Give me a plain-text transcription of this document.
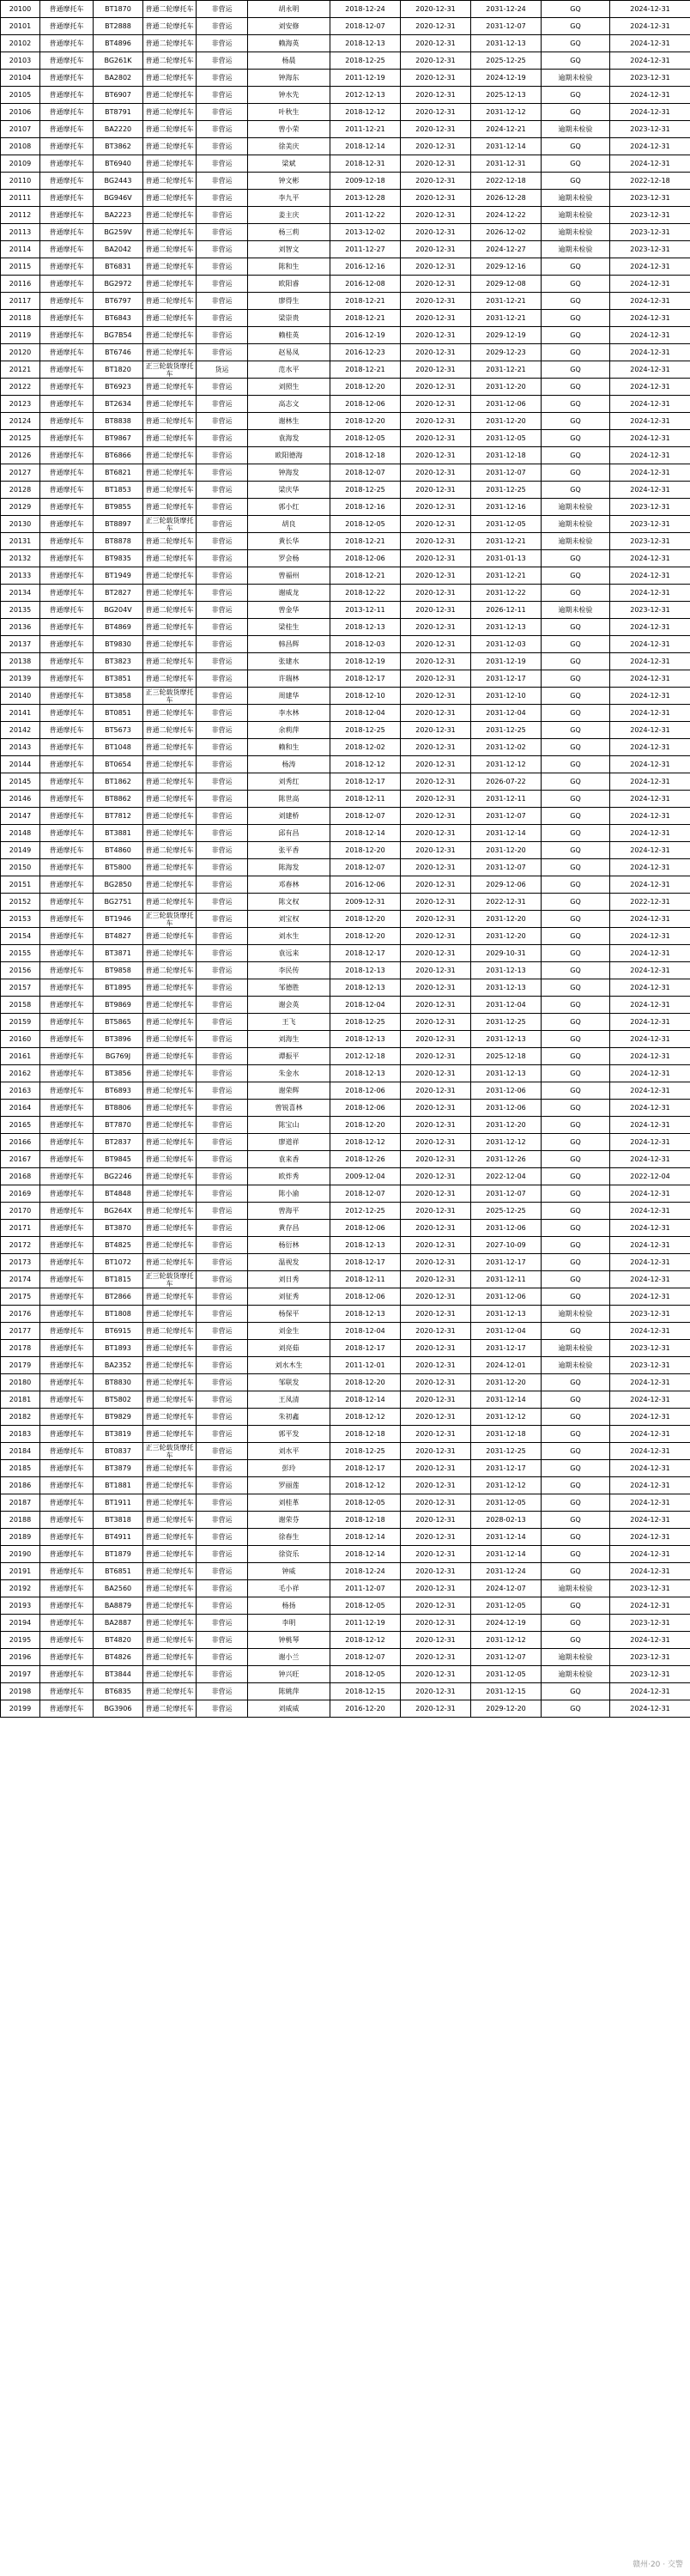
20100	普通摩托车	BT1870	普通二轮摩托车	非营运	胡永明	2018-12-24	2020-12-31	2031-12-24	GQ	2024-12-31
20101	普通摩托车	BT2888	普通二轮摩托车	非营运	刘安修	2018-12-07	2020-12-31	2031-12-07	GQ	2024-12-31
20102	普通摩托车	BT4896	普通二轮摩托车	非营运	赖海英	2018-12-13	2020-12-31	2031-12-13	GQ	2024-12-31
20103	普通摩托车	BG261K	普通二轮摩托车	非营运	杨晨	2018-12-25	2020-12-31	2025-12-25	GQ	2024-12-31
20104	普通摩托车	BA2802	普通二轮摩托车	非营运	钟海东	2011-12-19	2020-12-31	2024-12-19	逾期未检验	2023-12-31
20105	普通摩托车	BT6907	普通二轮摩托车	非营运	钟水先	2012-12-13	2020-12-31	2025-12-13	GQ	2024-12-31
20106	普通摩托车	BT8791	普通二轮摩托车	非营运	叶秋生	2018-12-12	2020-12-31	2031-12-12	GQ	2024-12-31
20107	普通摩托车	BA2220	普通二轮摩托车	非营运	曾小荣	2011-12-21	2020-12-31	2024-12-21	逾期未检验	2023-12-31
20108	普通摩托车	BT3862	普通二轮摩托车	非营运	徐美庆	2018-12-14	2020-12-31	2031-12-14	GQ	2024-12-31
20109	普通摩托车	BT6940	普通二轮摩托车	非营运	梁斌	2018-12-31	2020-12-31	2031-12-31	GQ	2024-12-31
20110	普通摩托车	BG2443	普通二轮摩托车	非营运	钟文彬	2009-12-18	2020-12-31	2022-12-18	GQ	2022-12-18
20111	普通摩托车	BG946V	普通二轮摩托车	非营运	李九平	2013-12-28	2020-12-31	2026-12-28	逾期未检验	2023-12-31
20112	普通摩托车	BA2223	普通二轮摩托车	非营运	姜主庆	2011-12-22	2020-12-31	2024-12-22	逾期未检验	2023-12-31
20113	普通摩托车	BG259V	普通二轮摩托车	非营运	杨三莉	2013-12-02	2020-12-31	2026-12-02	逾期未检验	2023-12-31
20114	普通摩托车	BA2042	普通二轮摩托车	非营运	刘智文	2011-12-27	2020-12-31	2024-12-27	逾期未检验	2023-12-31
20115	普通摩托车	BT6831	普通二轮摩托车	非营运	陈和生	2016-12-16	2020-12-31	2029-12-16	GQ	2024-12-31
20116	普通摩托车	BG2972	普通二轮摩托车	非营运	欧阳睿	2016-12-08	2020-12-31	2029-12-08	GQ	2024-12-31
20117	普通摩托车	BT6797	普通二轮摩托车	非营运	廖得生	2018-12-21	2020-12-31	2031-12-21	GQ	2024-12-31
20118	普通摩托车	BT6843	普通二轮摩托车	非营运	梁崇贵	2018-12-21	2020-12-31	2031-12-21	GQ	2024-12-31
20119	普通摩托车	BG7B54	普通二轮摩托车	非营运	赖桂英	2016-12-19	2020-12-31	2029-12-19	GQ	2024-12-31
20120	普通摩托车	BT6746	普通二轮摩托车	非营运	赵易凤	2016-12-23	2020-12-31	2029-12-23	GQ	2024-12-31
20121	普通摩托车	BT1820	正三轮载货摩托车	货运	范水平	2018-12-21	2020-12-31	2031-12-21	GQ	2024-12-31
20122	普通摩托车	BT6923	普通二轮摩托车	非营运	刘照生	2018-12-20	2020-12-31	2031-12-20	GQ	2024-12-31
20123	普通摩托车	BT2634	普通二轮摩托车	非营运	高志文	2018-12-06	2020-12-31	2031-12-06	GQ	2024-12-31
20124	普通摩托车	BT8838	普通二轮摩托车	非营运	谢林生	2018-12-20	2020-12-31	2031-12-20	GQ	2024-12-31
20125	普通摩托车	BT9867	普通二轮摩托车	非营运	袁海发	2018-12-05	2020-12-31	2031-12-05	GQ	2024-12-31
20126	普通摩托车	BT6866	普通二轮摩托车	非营运	欧阳德海	2018-12-18	2020-12-31	2031-12-18	GQ	2024-12-31
20127	普通摩托车	BT6821	普通二轮摩托车	非营运	钟海发	2018-12-07	2020-12-31	2031-12-07	GQ	2024-12-31
20128	普通摩托车	BT1853	普通二轮摩托车	非营运	梁庆华	2018-12-25	2020-12-31	2031-12-25	GQ	2024-12-31
20129	普通摩托车	BT9855	普通二轮摩托车	非营运	郭小红	2018-12-16	2020-12-31	2031-12-16	逾期未检验	2023-12-31
20130	普通摩托车	BT8897	正三轮载货摩托车	非营运	胡良	2018-12-05	2020-12-31	2031-12-05	逾期未检验	2023-12-31
20131	普通摩托车	BT8878	普通二轮摩托车	非营运	黄长华	2018-12-21	2020-12-31	2031-12-21	逾期未检验	2023-12-31
20132	普通摩托车	BT9835	普通二轮摩托车	非营运	罗会杨	2018-12-06	2020-12-31	2031-01-13	GQ	2024-12-31
20133	普通摩托车	BT1949	普通二轮摩托车	非营运	曾福州	2018-12-21	2020-12-31	2031-12-21	GQ	2024-12-31
20134	普通摩托车	BT2827	普通二轮摩托车	非营运	谢威龙	2018-12-22	2020-12-31	2031-12-22	GQ	2024-12-31
20135	普通摩托车	BG204V	普通二轮摩托车	非营运	曾金华	2013-12-11	2020-12-31	2026-12-11	逾期未检验	2023-12-31
20136	普通摩托车	BT4869	普通二轮摩托车	非营运	梁桂生	2018-12-13	2020-12-31	2031-12-13	GQ	2024-12-31
20137	普通摩托车	BT9830	普通二轮摩托车	非营运	韩昌辉	2018-12-03	2020-12-31	2031-12-03	GQ	2024-12-31
20138	普通摩托车	BT3823	普通二轮摩托车	非营运	张建水	2018-12-19	2020-12-31	2031-12-19	GQ	2024-12-31
20139	普通摩托车	BT3851	普通二轮摩托车	非营运	许瑞林	2018-12-17	2020-12-31	2031-12-17	GQ	2024-12-31
20140	普通摩托车	BT3858	正三轮载货摩托车	非营运	周建华	2018-12-10	2020-12-31	2031-12-10	GQ	2024-12-31
20141	普通摩托车	BT0851	普通二轮摩托车	非营运	李水林	2018-12-04	2020-12-31	2031-12-04	GQ	2024-12-31
20142	普通摩托车	BT5673	普通二轮摩托车	非营运	余莉萍	2018-12-25	2020-12-31	2031-12-25	GQ	2024-12-31
20143	普通摩托车	BT1048	普通二轮摩托车	非营运	赖和生	2018-12-02	2020-12-31	2031-12-02	GQ	2024-12-31
20144	普通摩托车	BT0654	普通二轮摩托车	非营运	杨涛	2018-12-12	2020-12-31	2031-12-12	GQ	2024-12-31
20145	普通摩托车	BT1862	普通二轮摩托车	非营运	刘秀红	2018-12-17	2020-12-31	2026-07-22	GQ	2024-12-31
20146	普通摩托车	BT8862	普通二轮摩托车	非营运	陈世高	2018-12-11	2020-12-31	2031-12-11	GQ	2024-12-31
20147	普通摩托车	BT7812	普通二轮摩托车	非营运	刘建桥	2018-12-07	2020-12-31	2031-12-07	GQ	2024-12-31
20148	普通摩托车	BT3881	普通二轮摩托车	非营运	邱有昌	2018-12-14	2020-12-31	2031-12-14	GQ	2024-12-31
20149	普通摩托车	BT4860	普通二轮摩托车	非营运	张平香	2018-12-20	2020-12-31	2031-12-20	GQ	2024-12-31
20150	普通摩托车	BT5800	普通二轮摩托车	非营运	陈海发	2018-12-07	2020-12-31	2031-12-07	GQ	2024-12-31
20151	普通摩托车	BG2850	普通二轮摩托车	非营运	邓春林	2016-12-06	2020-12-31	2029-12-06	GQ	2024-12-31
20152	普通摩托车	BG2751	普通二轮摩托车	非营运	陈文权	2009-12-31	2020-12-31	2022-12-31	GQ	2022-12-31
20153	普通摩托车	BT1946	正三轮载货摩托车	非营运	刘宝权	2018-12-20	2020-12-31	2031-12-20	GQ	2024-12-31
20154	普通摩托车	BT4827	普通二轮摩托车	非营运	刘水生	2018-12-20	2020-12-31	2031-12-20	GQ	2024-12-31
20155	普通摩托车	BT3871	普通二轮摩托车	非营运	袁远来	2018-12-17	2020-12-31	2029-10-31	GQ	2024-12-31
20156	普通摩托车	BT9858	普通二轮摩托车	非营运	李民传	2018-12-13	2020-12-31	2031-12-13	GQ	2024-12-31
20157	普通摩托车	BT1895	普通二轮摩托车	非营运	邹德胜	2018-12-13	2020-12-31	2031-12-13	GQ	2024-12-31
20158	普通摩托车	BT9869	普通二轮摩托车	非营运	谢会英	2018-12-04	2020-12-31	2031-12-04	GQ	2024-12-31
20159	普通摩托车	BT5865	普通二轮摩托车	非营运	王飞	2018-12-25	2020-12-31	2031-12-25	GQ	2024-12-31
20160	普通摩托车	BT3896	普通二轮摩托车	非营运	刘海生	2018-12-13	2020-12-31	2031-12-13	GQ	2024-12-31
20161	普通摩托车	BG769J	普通二轮摩托车	非营运	谭振平	2012-12-18	2020-12-31	2025-12-18	GQ	2024-12-31
20162	普通摩托车	BT3856	普通二轮摩托车	非营运	朱金水	2018-12-13	2020-12-31	2031-12-13	GQ	2024-12-31
20163	普通摩托车	BT6893	普通二轮摩托车	非营运	谢荣辉	2018-12-06	2020-12-31	2031-12-06	GQ	2024-12-31
20164	普通摩托车	BT8806	普通二轮摩托车	非营运	曾锐喜林	2018-12-06	2020-12-31	2031-12-06	GQ	2024-12-31
20165	普通摩托车	BT7870	普通二轮摩托车	非营运	陈宝山	2018-12-20	2020-12-31	2031-12-20	GQ	2024-12-31
20166	普通摩托车	BT2837	普通二轮摩托车	非营运	廖道祥	2018-12-12	2020-12-31	2031-12-12	GQ	2024-12-31
20167	普通摩托车	BT9845	普通二轮摩托车	非营运	袁来香	2018-12-26	2020-12-31	2031-12-26	GQ	2024-12-31
20168	普通摩托车	BG2246	普通二轮摩托车	非营运	欧炸秀	2009-12-04	2020-12-31	2022-12-04	GQ	2022-12-04
20169	普通摩托车	BT4848	普通二轮摩托车	非营运	陈小渝	2018-12-07	2020-12-31	2031-12-07	GQ	2024-12-31
20170	普通摩托车	BG264X	普通二轮摩托车	非营运	曾海平	2012-12-25	2020-12-31	2025-12-25	GQ	2024-12-31
20171	普通摩托车	BT3870	普通二轮摩托车	非营运	黄存昌	2018-12-06	2020-12-31	2031-12-06	GQ	2024-12-31
20172	普通摩托车	BT4825	普通二轮摩托车	非营运	杨衍林	2018-12-13	2020-12-31	2027-10-09	GQ	2024-12-31
20173	普通摩托车	BT1072	普通二轮摩托车	非营运	温视发	2018-12-17	2020-12-31	2031-12-17	GQ	2024-12-31
20174	普通摩托车	BT1815	正三轮载货摩托车	非营运	刘日秀	2018-12-11	2020-12-31	2031-12-11	GQ	2024-12-31
20175	普通摩托车	BT2866	普通二轮摩托车	非营运	刘征秀	2018-12-06	2020-12-31	2031-12-06	GQ	2024-12-31
20176	普通摩托车	BT1808	普通二轮摩托车	非营运	杨保平	2018-12-13	2020-12-31	2031-12-13	逾期未检验	2023-12-31
20177	普通摩托车	BT6915	普通二轮摩托车	非营运	刘金生	2018-12-04	2020-12-31	2031-12-04	GQ	2024-12-31
20178	普通摩托车	BT1893	普通二轮摩托车	非营运	刘亮茹	2018-12-17	2020-12-31	2031-12-17	逾期未检验	2023-12-31
20179	普通摩托车	BA2352	普通二轮摩托车	非营运	刘水木生	2011-12-01	2020-12-31	2024-12-01	逾期未检验	2023-12-31
20180	普通摩托车	BT8830	普通二轮摩托车	非营运	邹联发	2018-12-20	2020-12-31	2031-12-20	GQ	2024-12-31
20181	普通摩托车	BT5802	普通二轮摩托车	非营运	王凤清	2018-12-14	2020-12-31	2031-12-14	GQ	2024-12-31
20182	普通摩托车	BT9829	普通二轮摩托车	非营运	朱初鑫	2018-12-12	2020-12-31	2031-12-12	GQ	2024-12-31
20183	普通摩托车	BT3819	普通二轮摩托车	非营运	郭平发	2018-12-18	2020-12-31	2031-12-18	GQ	2024-12-31
20184	普通摩托车	BT0837	正三轮载货摩托车	非营运	刘水平	2018-12-25	2020-12-31	2031-12-25	GQ	2024-12-31
20185	普通摩托车	BT3879	普通二轮摩托车	非营运	彭玲	2018-12-17	2020-12-31	2031-12-17	GQ	2024-12-31
20186	普通摩托车	BT1881	普通二轮摩托车	非营运	罗丽莲	2018-12-12	2020-12-31	2031-12-12	GQ	2024-12-31
20187	普通摩托车	BT1911	普通二轮摩托车	非营运	刘桂革	2018-12-05	2020-12-31	2031-12-05	GQ	2024-12-31
20188	普通摩托车	BT3818	普通二轮摩托车	非营运	谢荣芬	2018-12-18	2020-12-31	2028-02-13	GQ	2024-12-31
20189	普通摩托车	BT4911	普通二轮摩托车	非营运	徐春生	2018-12-14	2020-12-31	2031-12-14	GQ	2024-12-31
20190	普通摩托车	BT1879	普通二轮摩托车	非营运	徐资乐	2018-12-14	2020-12-31	2031-12-14	GQ	2024-12-31
20191	普通摩托车	BT6851	普通二轮摩托车	非营运	钟威	2018-12-24	2020-12-31	2031-12-24	GQ	2024-12-31
20192	普通摩托车	BA2560	普通二轮摩托车	非营运	毛小祥	2011-12-07	2020-12-31	2024-12-07	逾期未检验	2023-12-31
20193	普通摩托车	BA8879	普通二轮摩托车	非营运	杨扬	2018-12-05	2020-12-31	2031-12-05	GQ	2024-12-31
20194	普通摩托车	BA2887	普通二轮摩托车	非营运	李明	2011-12-19	2020-12-31	2024-12-19	GQ	2023-12-31
20195	普通摩托车	BT4820	普通二轮摩托车	非营运	钟桃琴	2018-12-12	2020-12-31	2031-12-12	GQ	2024-12-31
20196	普通摩托车	BT4826	普通二轮摩托车	非营运	谢小兰	2018-12-07	2020-12-31	2031-12-07	逾期未检验	2023-12-31
20197	普通摩托车	BT3844	普通二轮摩托车	非营运	钟兴旺	2018-12-05	2020-12-31	2031-12-05	逾期未检验	2023-12-31
20198	普通摩托车	BT6835	普通二轮摩托车	非营运	陈姚萍	2018-12-15	2020-12-31	2031-12-15	GQ	2024-12-31
20199	普通摩托车	BG3906	普通二轮摩托车	非营运	刘威威	2016-12-20	2020-12-31	2029-12-20	GQ	2024-12-31
赣州·20 · 交警
